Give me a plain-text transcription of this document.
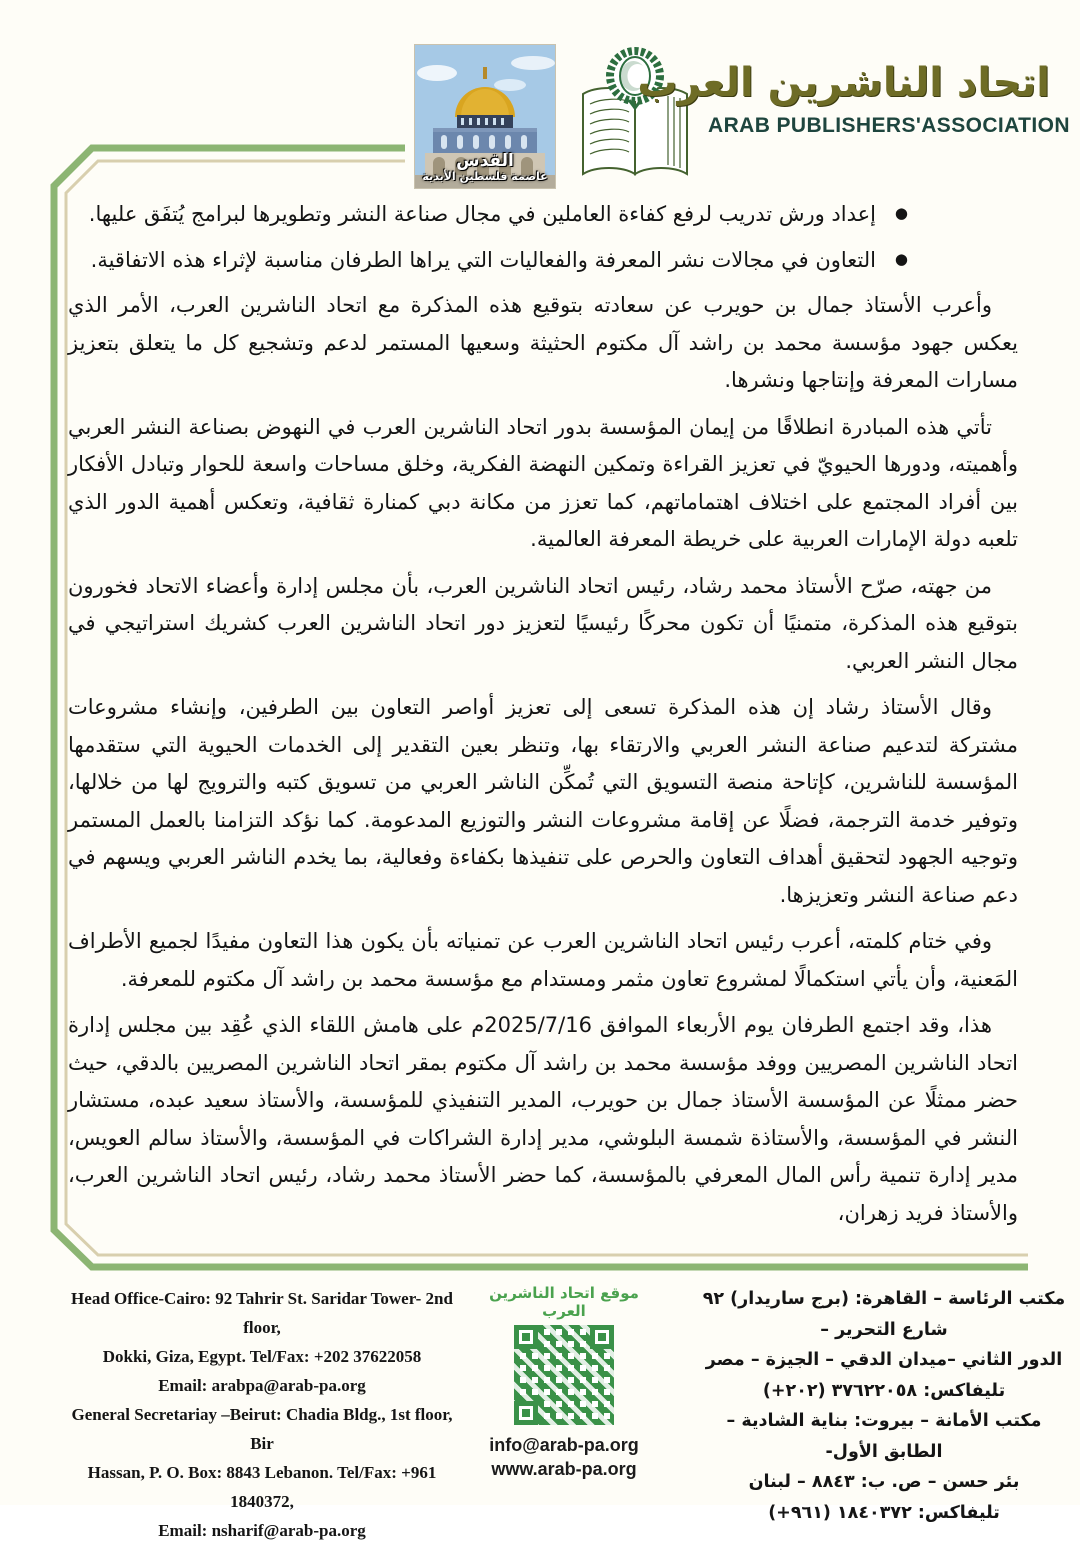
القدس
عاصمة فلسطين الأبدية
اتحاد الناشرين العرب
ARAB PUBLISHERS'ASSOCIATION
●
إعداد ورش تدريب لرفع كفاءة العاملين في مجال صناعة النشر وتطويرها لبرامج يُتفَق عليها.
●
التعاون في مجالات نشر المعرفة والفعاليات التي يراها الطرفان مناسبة لإثراء هذه الاتفاقية.

وأعرب الأستاذ جمال بن حويرب عن سعادته بتوقيع هذه المذكرة مع اتحاد الناشرين العرب، الأمر الذي يعكس جهود مؤسسة محمد بن راشد آل مكتوم الحثيثة وسعيها المستمر لدعم وتشجيع كل ما يتعلق بتعزيز مسارات المعرفة وإنتاجها ونشرها.

تأتي هذه المبادرة انطلاقًا من إيمان المؤسسة بدور اتحاد الناشرين العرب في النهوض بصناعة النشر العربي وأهميته، ودورها الحيويّ في تعزيز القراءة وتمكين النهضة الفكرية، وخلق مساحات واسعة للحوار وتبادل الأفكار بين أفراد المجتمع على اختلاف اهتماماتهم، كما تعزز من مكانة دبي كمنارة ثقافية، وتعكس أهمية الدور الذي تلعبه دولة الإمارات العربية على خريطة المعرفة العالمية.

من جهته، صرّح الأستاذ محمد رشاد، رئيس اتحاد الناشرين العرب، بأن مجلس إدارة وأعضاء الاتحاد فخورون بتوقيع هذه المذكرة، متمنيًا أن تكون محركًا رئيسيًا لتعزيز دور اتحاد الناشرين العرب كشريك استراتيجي في مجال النشر العربي.

وقال الأستاذ رشاد إن هذه المذكرة تسعى إلى تعزيز أواصر التعاون بين الطرفين، وإنشاء مشروعات مشتركة لتدعيم صناعة النشر العربي والارتقاء بها، وتنظر بعين التقدير إلى الخدمات الحيوية التي ستقدمها المؤسسة للناشرين، كإتاحة منصة التسويق التي تُمكِّن الناشر العربي من تسويق كتبه والترويج لها من خلالها، وتوفير خدمة الترجمة، فضلًا عن إقامة مشروعات النشر والتوزيع المدعومة. كما نؤكد التزامنا بالعمل المستمر وتوجيه الجهود لتحقيق أهداف التعاون والحرص على تنفيذها بكفاءة وفعالية، بما يخدم الناشر العربي ويسهم في دعم صناعة النشر وتعزيزها.

وفي ختام كلمته، أعرب رئيس اتحاد الناشرين العرب عن تمنياته بأن يكون هذا التعاون مفيدًا لجميع الأطراف المَعنية، وأن يأتي استكمالًا لمشروع تعاون مثمر ومستدام مع مؤسسة محمد بن راشد آل مكتوم للمعرفة.

هذا، وقد اجتمع الطرفان يوم الأربعاء الموافق 2025/7/16م على هامش اللقاء الذي عُقِد بين مجلس إدارة اتحاد الناشرين المصريين ووفد مؤسسة محمد بن راشد آل مكتوم بمقر اتحاد الناشرين المصريين بالدقي، حيث حضر ممثلًا عن المؤسسة الأستاذ جمال بن حويرب، المدير التنفيذي للمؤسسة، والأستاذ سعيد عبده، مستشار النشر في المؤسسة، والأستاذة شمسة البلوشي، مدير إدارة الشراكات في المؤسسة، والأستاذ سالم العويس، مدير إدارة تنمية رأس المال المعرفي بالمؤسسة، كما حضر الأستاذ محمد رشاد، رئيس اتحاد الناشرين العرب، والأستاذ فريد زهران،

Head Office-Cairo: 92 Tahrir St. Saridar Tower- 2nd floor,
Dokki, Giza, Egypt. Tel/Fax: +202 37622058
Email: arabpa@arab-pa.org
General Secretariay –Beirut: Chadia Bldg., 1st floor, Bir
Hassan, P. O. Box: 8843 Lebanon. Tel/Fax: +961 1840372,
Email: nsharif@arab-pa.org
موقع اتحاد الناشرين العرب
info@arab-pa.org
www.arab-pa.org
مكتب الرئاسة – القاهرة: (برج ساريدار) ٩٢ شارع التحرير –
الدور الثاني –ميدان الدقي – الجيزة – مصر
تليفاكس: ٣٧٦٢٢٠٥٨ (٢٠٢+)
مكتب الأمانة – بيروت: بناية الشادية – الطابق الأول-
بئر حسن – ص. ب: ٨٨٤٣ – لبنان
تليفاكس: ١٨٤٠٣٧٢ (٩٦١+)
